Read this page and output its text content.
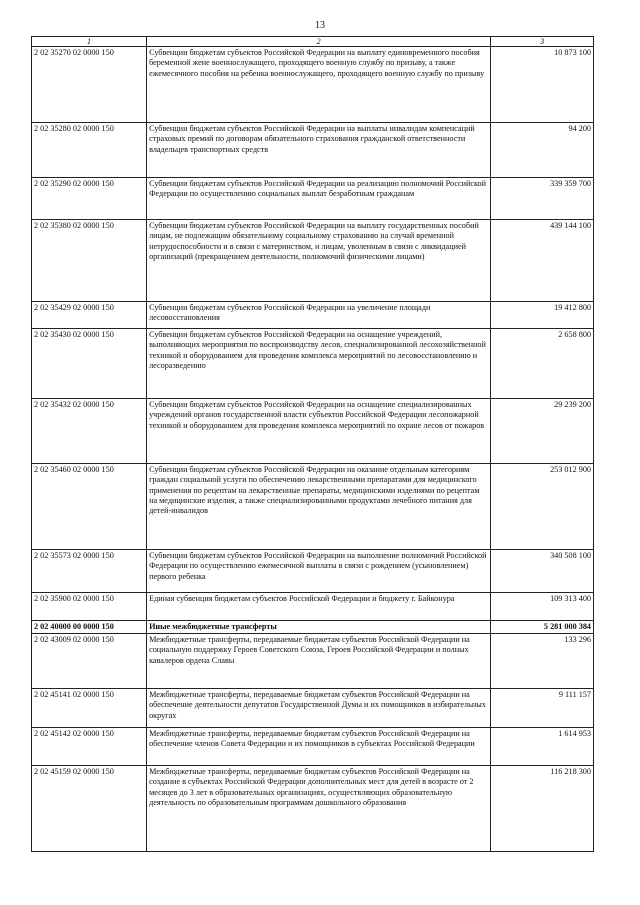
13
1	2	3
2 02 35270 02 0000 150	Субвенции бюджетам субъектов Российской Федерации на выплату единовременного пособия беременной жене военнослужащего, проходящего военную службу по призыву, а также ежемесячного пособия на ребенка военнослужащего, проходящего военную службу по призыву	10 873 100
2 02 35280 02 0000 150	Субвенции бюджетам субъектов Российской Федерации на выплаты инвалидам компенсаций страховых премий по договорам обязательного страхования гражданской ответственности владельцев транспортных средств	94 200
2 02 35290 02 0000 150	Субвенции бюджетам субъектов Российской Федерации на реализацию полномочий Российской Федерации по осуществлению социальных выплат безработным гражданам	339 359 700
2 02 35380 02 0000 150	Субвенции бюджетам субъектов Российской Федерации на выплату государственных пособий лицам, не подлежащим обязательному социальному страхованию на случай временной нетрудоспособности и в связи с материнством, и лицам, уволенным в связи с ликвидацией организаций (прекращением деятельности, полномочий физическими лицами)	439 144 100
2 02 35429 02 0000 150	Субвенции бюджетам субъектов Российской Федерации на увеличение площади лесовосстановления	19 412 800
2 02 35430 02 0000 150	Субвенции бюджетам субъектов Российской Федерации на оснащение учреждений, выполняющих мероприятия по воспроизводству лесов, специализированной лесохозяйственной техникой и оборудованием для проведения комплекса мероприятий по лесовосстановлению и лесоразведению	2 658 800
2 02 35432 02 0000 150	Субвенции бюджетам субъектов Российской Федерации на оснащение специализированных учреждений органов государственной власти субъектов Российской Федерации лесопожарной техникой и оборудованием для проведения комплекса мероприятий по охране лесов от пожаров	29 239 200
2 02 35460 02 0000 150	Субвенции бюджетам субъектов Российской Федерации на оказание отдельным категориям граждан социальной услуги по обеспечению лекарственными препаратами для медицинского применения по рецептам на лекарственные препараты, медицинскими изделиями по рецептам на медицинские изделия, а также специализированными продуктами лечебного питания для детей-инвалидов	253 012 900
2 02 35573 02 0000 150	Субвенции бюджетам субъектов Российской Федерации на выполнение полномочий Российской Федерации по осуществлению ежемесячной выплаты в связи с рождением (усыновлением) первого ребенка	340 508 100
2 02 35900 02 0000 150	Единая субвенция бюджетам субъектов Российской Федерации и бюджету г. Байконура	109 313 400
2 02 40000 00 0000 150	Иные межбюджетные трансферты	5 281 000 384
2 02 43009 02 0000 150	Межбюджетные трансферты, передаваемые бюджетам субъектов Российской Федерации на социальную поддержку Героев Советского Союза, Героев Российской Федерации и полных кавалеров ордена Славы	133 296
2 02 45141 02 0000 150	Межбюджетные трансферты, передаваемые бюджетам субъектов Российской Федерации на обеспечение деятельности депутатов Государственной Думы и их помощников в избирательных округах	9 111 157
2 02 45142 02 0000 150	Межбюджетные трансферты, передаваемые бюджетам субъектов Российской Федерации на обеспечение членов Совета Федерации и их помощников в субъектах Российской Федерации	1 614 953
2 02 45159 02 0000 150	Межбюджетные трансферты, передаваемые бюджетам субъектов Российской Федерации на создание в субъектах Российской Федерации дополнительных мест для детей в возрасте от 2 месяцев до 3 лет в образовательных организациях, осуществляющих образовательную деятельность по образовательным программам дошкольного образования	116 218 300
